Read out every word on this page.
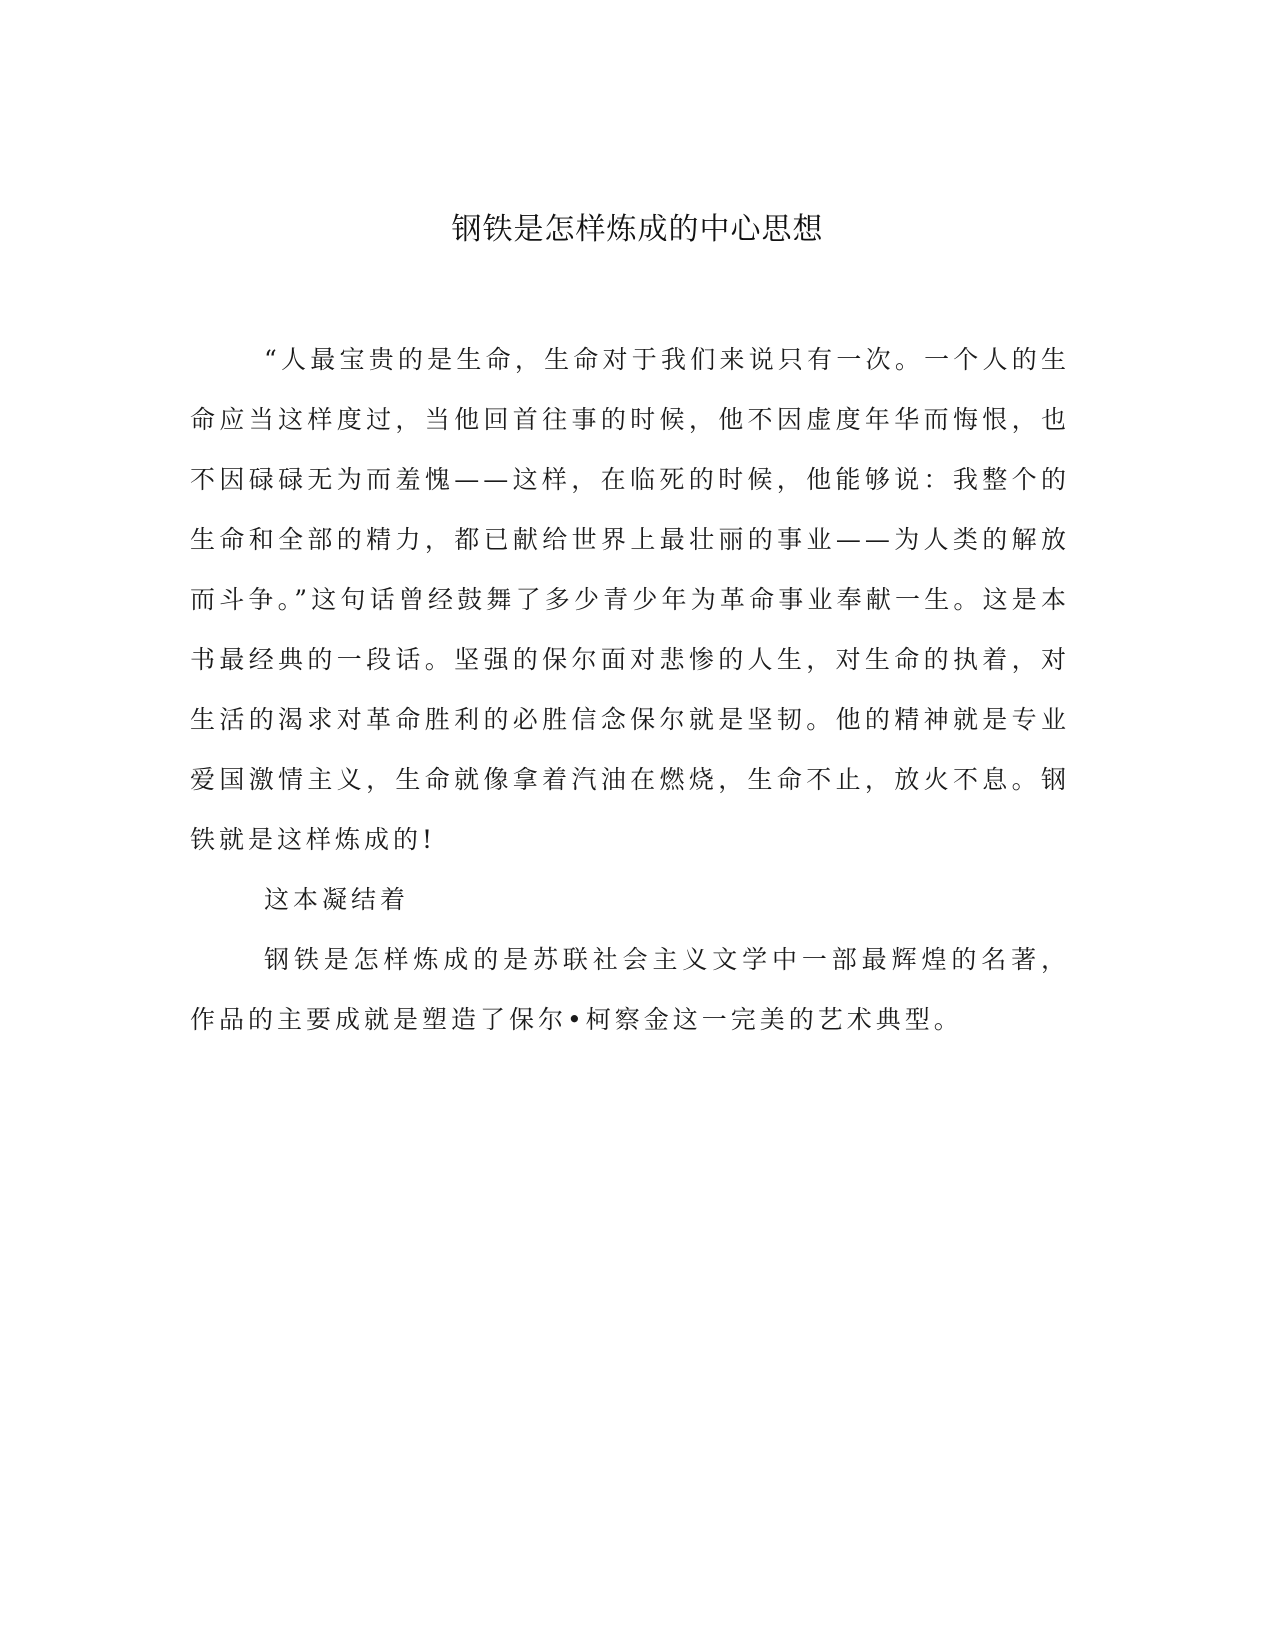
钢铁是怎样炼成的中心思想

“人最宝贵的是生命，生命对于我们来说只有一次。一个人的生命应当这样度过，当他回首往事的时候，他不因虚度年华而悔恨，也不因碌碌无为而羞愧——这样，在临死的时候，他能够说：我整个的生命和全部的精力，都已献给世界上最壮丽的事业——为人类的解放而斗争。”这句话曾经鼓舞了多少青少年为革命事业奉献一生。这是本书最经典的一段话。坚强的保尔面对悲惨的人生，对生命的执着，对生活的渴求对革命胜利的必胜信念保尔就是坚韧。他的精神就是专业爱国激情主义，生命就像拿着汽油在燃烧，生命不止，放火不息。钢铁就是这样炼成的!

这本凝结着

钢铁是怎样炼成的是苏联社会主义文学中一部最辉煌的名著，作品的主要成就是塑造了保尔•柯察金这一完美的艺术典型。
